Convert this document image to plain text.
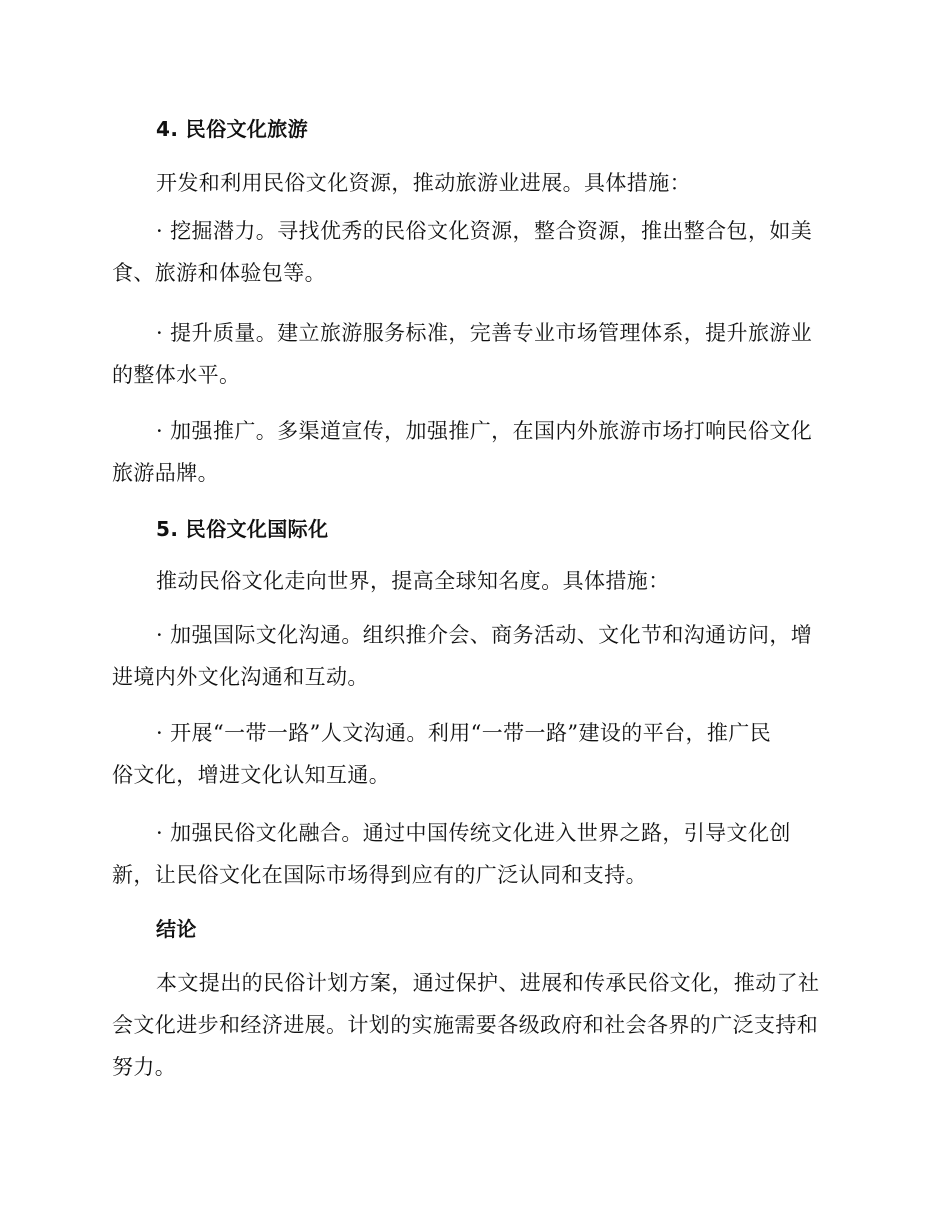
4. 民俗文化旅游
开发和利用民俗文化资源，推动旅游业进展。具体措施：
· 挖掘潜力。寻找优秀的民俗文化资源，整合资源，推出整合包，如美
食、旅游和体验包等。
· 提升质量。建立旅游服务标准，完善专业市场管理体系，提升旅游业
的整体水平。
· 加强推广。多渠道宣传，加强推广，在国内外旅游市场打响民俗文化
旅游品牌。
5. 民俗文化国际化
推动民俗文化走向世界，提高全球知名度。具体措施：
· 加强国际文化沟通。组织推介会、商务活动、文化节和沟通访问，增
进境内外文化沟通和互动。
· 开展“一带一路”人文沟通。利用“一带一路”建设的平台，推广民
俗文化，增进文化认知互通。
· 加强民俗文化融合。通过中国传统文化进入世界之路，引导文化创
新，让民俗文化在国际市场得到应有的广泛认同和支持。
结论
本文提出的民俗计划方案，通过保护、进展和传承民俗文化，推动了社
会文化进步和经济进展。计划的实施需要各级政府和社会各界的广泛支持和
努力。
